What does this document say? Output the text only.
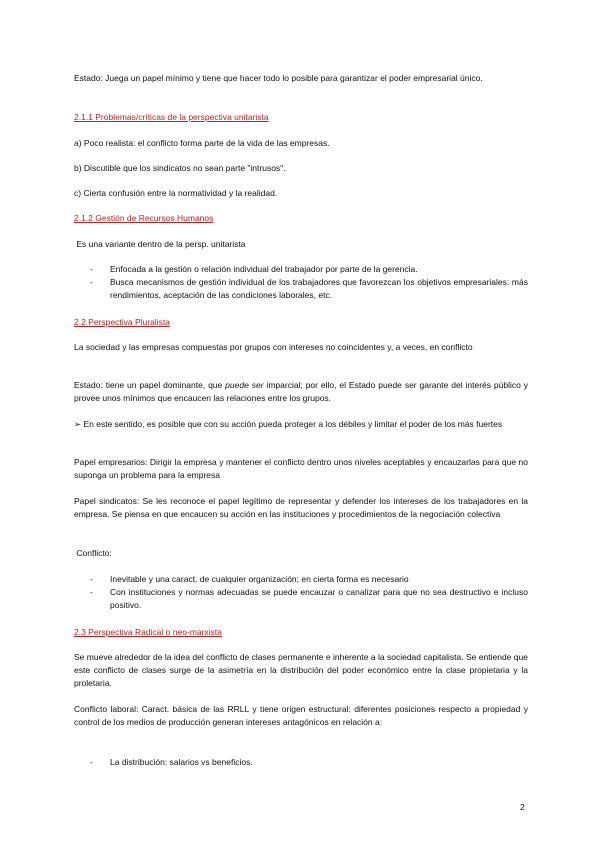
Estado: Juega un papel mínimo y tiene que hacer todo lo posible para garantizar el poder empresarial único.

2.1.1 Problemas/críticas de la perspectiva unitarista

a) Poco realista: el conflicto forma parte de la vida de las empresas.

b) Discutible que los sindicatos no sean parte "intrusos".

c) Cierta confusión entre la normatividad y la realidad.

2.1.2 Gestión de Recursos Humanos

Es una variante dentro de la persp. unitarista

- Enfocada a la gestión o relación individual del trabajador por parte de la gerencia.
- Busca mecanismos de gestión individual de los trabajadores que favorezcan los objetivos empresariales: más rendimientos, aceptación de las condiciones laborales, etc.
2.2 Perspectiva Pluralista

La sociedad y las empresas compuestas por grupos con intereses no coincidentes y, a veces, en conflicto

Estado: tiene un papel dominante, que puede ser imparcial; por ello, el Estado puede ser garante del interés público y provee unos mínimos que encaucen las relaciones entre los grupos.

➢ En este sentido, es posible que con su acción pueda proteger a los débiles y limitar el poder de los más fuertes

Papel empresarios: Dirigir la empresa y mantener el conflicto dentro unos niveles aceptables y encauzarlas para que no suponga un problema para la empresa

Papel sindicatos: Se les reconoce el papel legítimo de representar y defender los intereses de los trabajadores en la empresa. Se piensa en que encaucen su acción en las instituciones y procedimientos de la negociación colectiva

Conflicto:

- Inevitable y una caract. de cualquier organización; en cierta forma es necesario
- Con instituciones y normas adecuadas se puede encauzar o canalizar para que no sea destructivo e incluso positivo.
2.3 Perspectiva Radical o neo-marxista

Se mueve alrededor de la idea del conflicto de clases permanente e inherente a la sociedad capitalista. Se entiende que este conflicto de clases surge de la asimetría en la distribución del poder económico entre la clase propietaria y la proletaria.

Conflicto laboral: Caract. básica de las RRLL y tiene origen estructural: diferentes posiciones respecto a propiedad y control de los medios de producción generan intereses antagónicos en relación a:

- La distribución: salarios vs beneficios.
2
